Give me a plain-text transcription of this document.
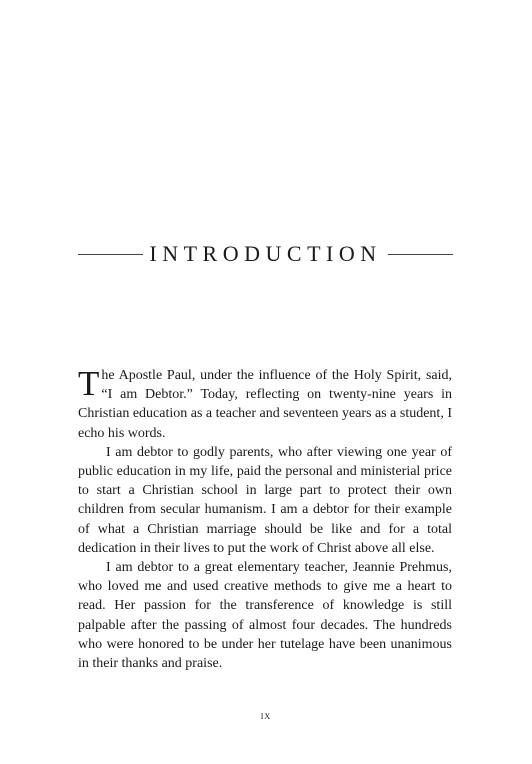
INTRODUCTION

The Apostle Paul, under the influence of the Holy Spirit, said, “I am Debtor.” Today, reflecting on twenty-nine years in Christian education as a teacher and seventeen years as a student, I echo his words.

I am debtor to godly parents, who after viewing one year of public education in my life, paid the personal and ministerial price to start a Christian school in large part to protect their own children from secular humanism. I am a debtor for their example of what a Christian marriage should be like and for a total dedication in their lives to put the work of Christ above all else.

I am debtor to a great elementary teacher, Jeannie Prehmus, who loved me and used creative methods to give me a heart to read. Her passion for the transference of knowledge is still palpable after the passing of almost four decades. The hundreds who were honored to be under her tutelage have been unanimous in their thanks and praise.

ix
